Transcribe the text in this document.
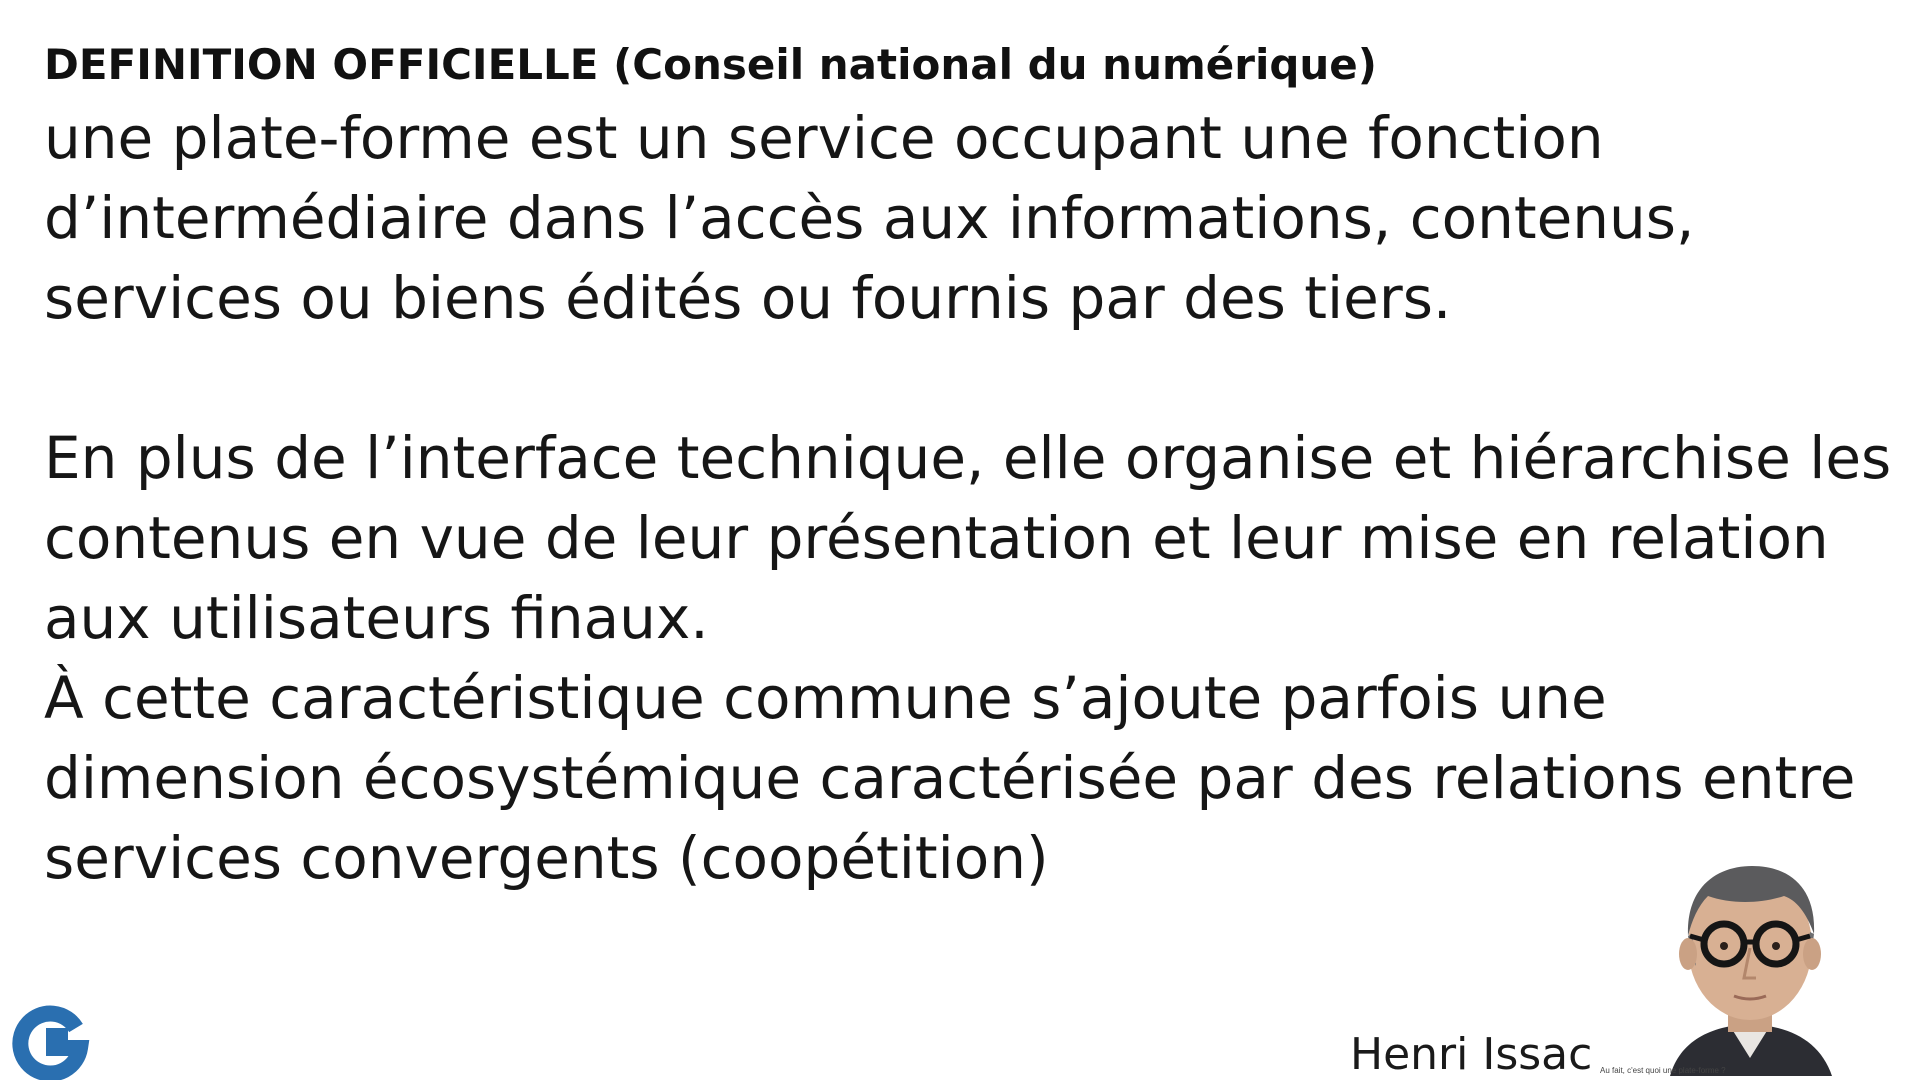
DEFINITION OFFICIELLE (Conseil national du numérique)

une plate-forme est un service occupant une fonction

d’intermédiaire dans l’accès aux informations, contenus,

services ou biens édités ou fournis par des tiers.

En plus de l’interface technique, elle organise et hiérarchise les

contenus en vue de leur présentation et leur mise en relation

aux utilisateurs finaux.

À cette caractéristique commune s’ajoute parfois une

dimension écosystémique caractérisée par des relations entre

services convergents (coopétition)

Henri Issac Au fait, c'est quoi une plate-forme ?
